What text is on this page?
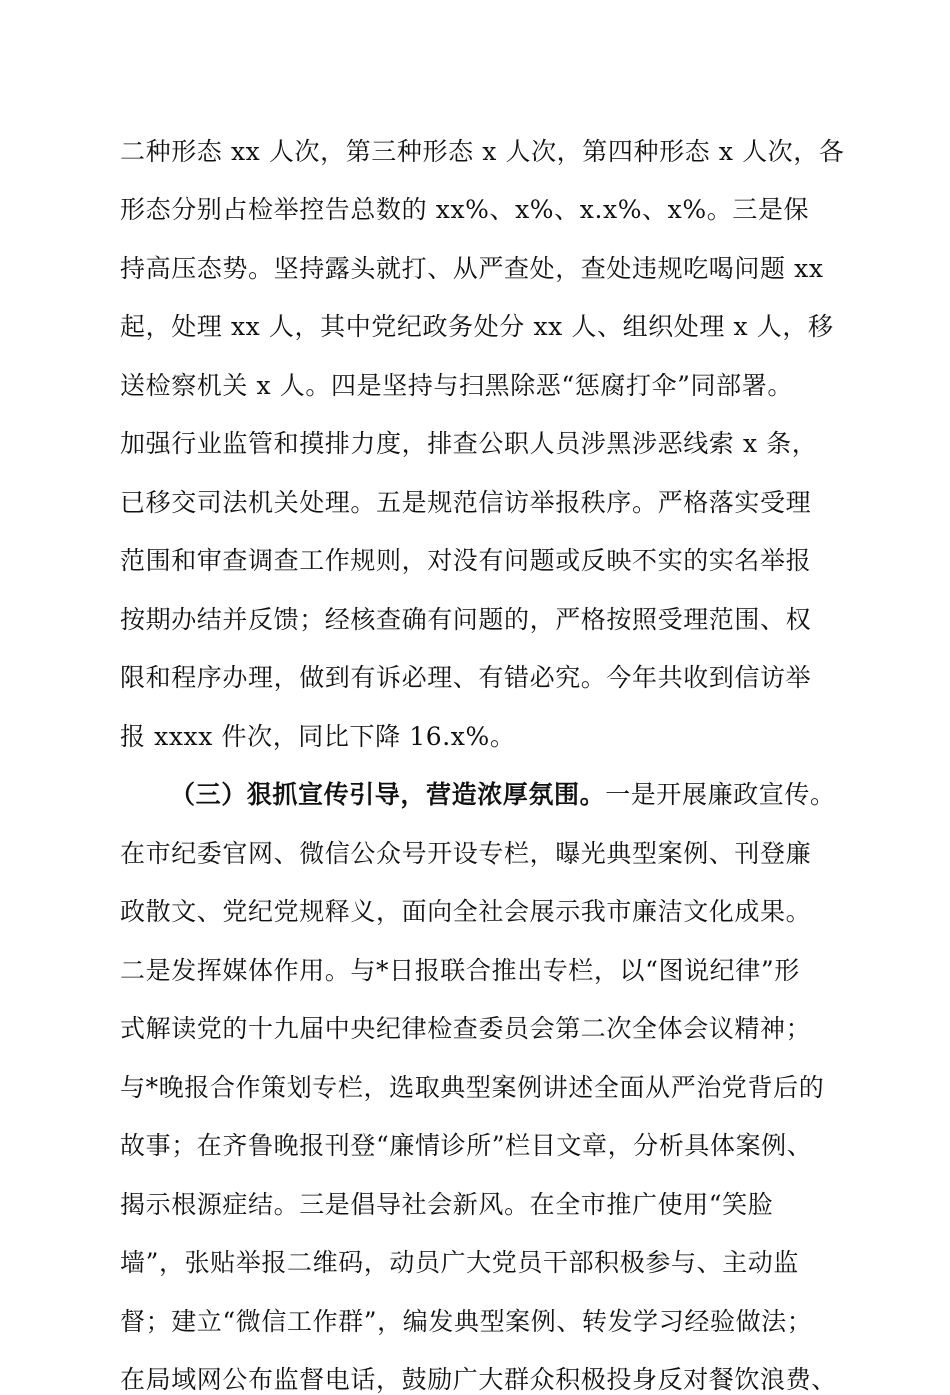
二种形态 xx 人次，第三种形态 x 人次，第四种形态 x 人次，各
形态分别占检举控告总数的 xx%、x%、x.x%、x%。三是保
持高压态势。坚持露头就打、从严查处，查处违规吃喝问题 xx
起，处理 xx 人，其中党纪政务处分 xx 人、组织处理 x 人，移
送检察机关 x 人。四是坚持与扫黑除恶“惩腐打伞”同部署。
加强行业监管和摸排力度，排查公职人员涉黑涉恶线索 x 条，
已移交司法机关处理。五是规范信访举报秩序。严格落实受理
范围和审查调查工作规则，对没有问题或反映不实的实名举报
按期办结并反馈；经核查确有问题的，严格按照受理范围、权
限和程序办理，做到有诉必理、有错必究。今年共收到信访举
报 xxxx 件次，同比下降 16.x%。
（三）狠抓宣传引导，营造浓厚氛围。一是开展廉政宣传。
在市纪委官网、微信公众号开设专栏，曝光典型案例、刊登廉
政散文、党纪党规释义，面向全社会展示我市廉洁文化成果。
二是发挥媒体作用。与*日报联合推出专栏，以“图说纪律”形
式解读党的十九届中央纪律检查委员会第二次全体会议精神；
与*晚报合作策划专栏，选取典型案例讲述全面从严治党背后的
故事；在齐鲁晚报刊登“廉情诊所”栏目文章，分析具体案例、
揭示根源症结。三是倡导社会新风。在全市推广使用“笑脸
墙”，张贴举报二维码，动员广大党员干部积极参与、主动监
督；建立“微信工作群”，编发典型案例、转发学习经验做法；
在局域网公布监督电话，鼓励广大群众积极投身反对餐饮浪费、
